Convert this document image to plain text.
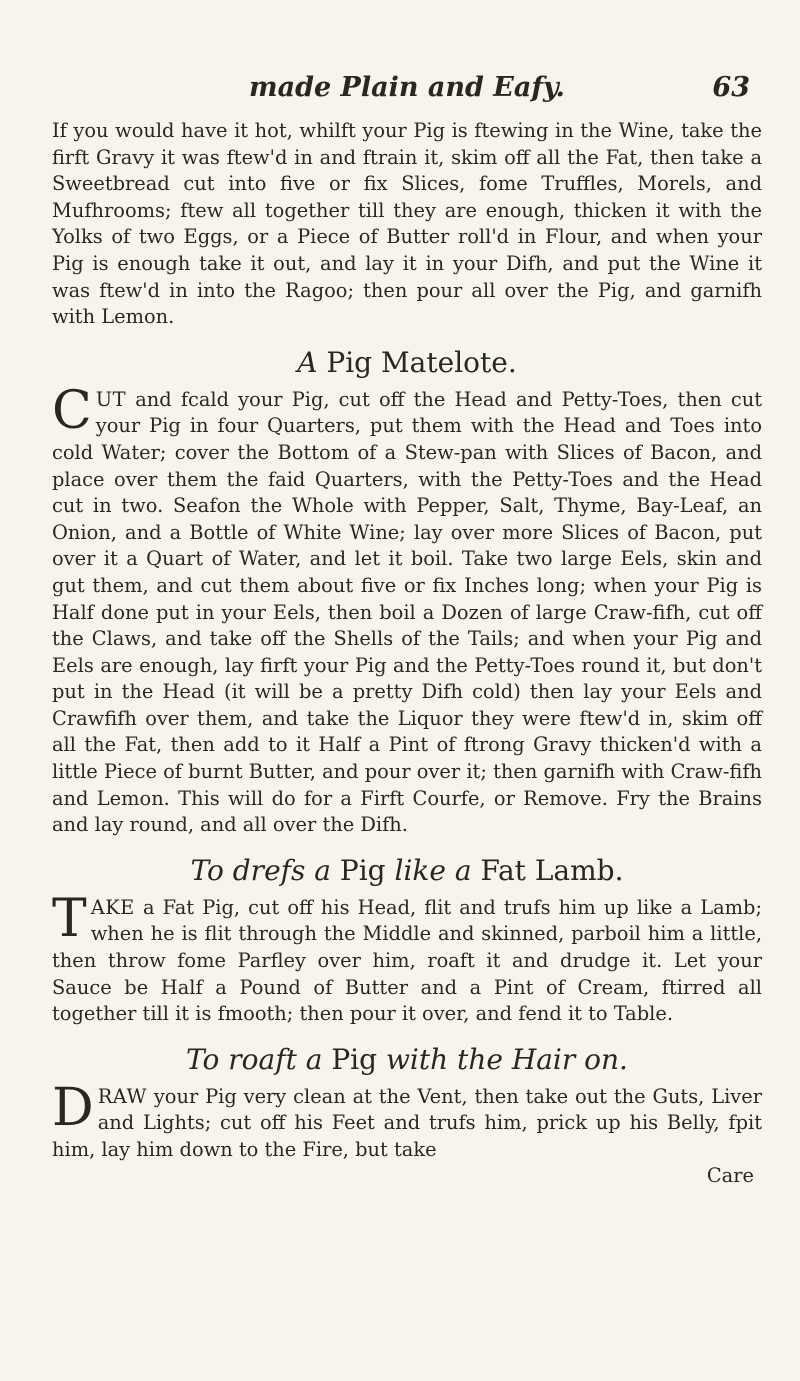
made Plain and Eafy.	63

If you would have it hot, whilft your Pig is ftewing in the Wine, take the firft Gravy it was ftew'd in and ftrain it, skim off all the Fat, then take a Sweetbread cut into five or fix Slices, fome Truffles, Morels, and Mufhrooms; ftew all together till they are enough, thicken it with the Yolks of two Eggs, or a Piece of Butter roll'd in Flour, and when your Pig is enough take it out, and lay it in your Difh, and put the Wine it was ftew'd in into the Ragoo; then pour all over the Pig, and garnifh with Lemon.

A Pig Matelote.

CUT and fcald your Pig, cut off the Head and Petty-Toes, then cut your Pig in four Quarters, put them with the Head and Toes into cold Water; cover the Bottom of a Stew-pan with Slices of Bacon, and place over them the faid Quarters, with the Petty-Toes and the Head cut in two. Seafon the Whole with Pepper, Salt, Thyme, Bay-Leaf, an Onion, and a Bottle of White Wine; lay over more Slices of Bacon, put over it a Quart of Water, and let it boil. Take two large Eels, skin and gut them, and cut them about five or fix Inches long; when your Pig is Half done put in your Eels, then boil a Dozen of large Craw-fifh, cut off the Claws, and take off the Shells of the Tails; and when your Pig and Eels are enough, lay firft your Pig and the Petty-Toes round it, but don't put in the Head (it will be a pretty Difh cold) then lay your Eels and Crawfifh over them, and take the Liquor they were ftew'd in, skim off all the Fat, then add to it Half a Pint of ftrong Gravy thicken'd with a little Piece of burnt Butter, and pour over it; then garnifh with Craw-fifh and Lemon. This will do for a Firft Courfe, or Remove. Fry the Brains and lay round, and all over the Difh.

To drefs a Pig like a Fat Lamb.

TAKE a Fat Pig, cut off his Head, flit and trufs him up like a Lamb; when he is flit through the Middle and skinned, parboil him a little, then throw fome Parfley over him, roaft it and drudge it. Let your Sauce be Half a Pound of Butter and a Pint of Cream, ftirred all together till it is fmooth; then pour it over, and fend it to Table.

To roaft a Pig with the Hair on.

DRAW your Pig very clean at the Vent, then take out the Guts, Liver and Lights; cut off his Feet and trufs him, prick up his Belly, fpit him, lay him down to the Fire, but take

Care
